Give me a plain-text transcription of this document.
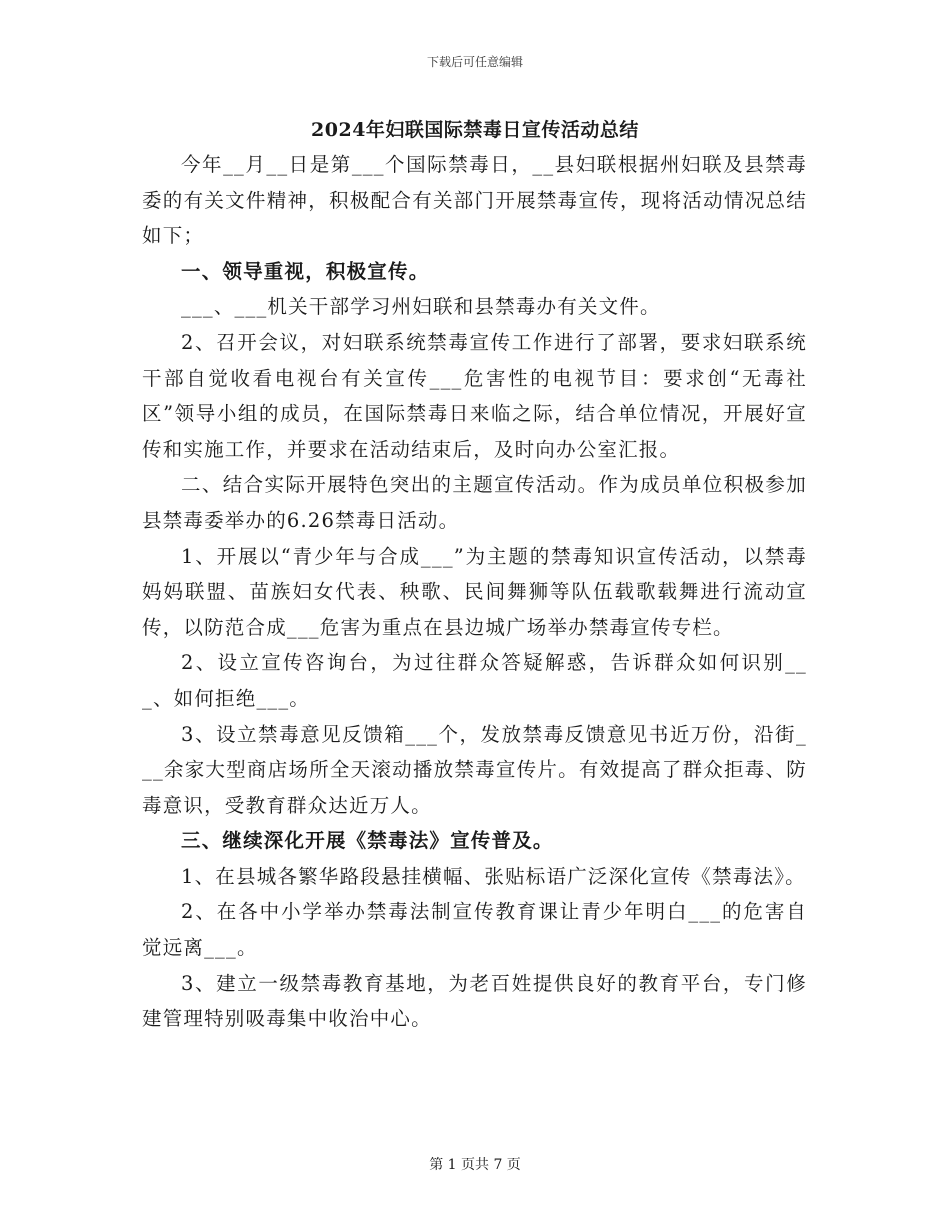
下载后可任意编辑
2024年妇联国际禁毒日宣传活动总结

今年__月__日是第___个国际禁毒日，__县妇联根据州妇联及县禁毒委的有关文件精神，积极配合有关部门开展禁毒宣传，现将活动情况总结如下；

一、领导重视，积极宣传。

___、___机关干部学习州妇联和县禁毒办有关文件。

2、召开会议，对妇联系统禁毒宣传工作进行了部署，要求妇联系统干部自觉收看电视台有关宣传___危害性的电视节目：要求创“无毒社区”领导小组的成员，在国际禁毒日来临之际，结合单位情况，开展好宣传和实施工作，并要求在活动结束后，及时向办公室汇报。

二、结合实际开展特色突出的主题宣传活动。作为成员单位积极参加县禁毒委举办的6.26禁毒日活动。

1、开展以“青少年与合成___”为主题的禁毒知识宣传活动，以禁毒妈妈联盟、苗族妇女代表、秧歌、民间舞狮等队伍载歌载舞进行流动宣传，以防范合成___危害为重点在县边城广场举办禁毒宣传专栏。

2、设立宣传咨询台，为过往群众答疑解惑，告诉群众如何识别___、如何拒绝___。

3、设立禁毒意见反馈箱___个，发放禁毒反馈意见书近万份，沿街___余家大型商店场所全天滚动播放禁毒宣传片。有效提高了群众拒毒、防毒意识，受教育群众达近万人。

三、继续深化开展《禁毒法》宣传普及。

1、在县城各繁华路段悬挂横幅、张贴标语广泛深化宣传《禁毒法》。

2、在各中小学举办禁毒法制宣传教育课让青少年明白___的危害自觉远离___。

3、建立一级禁毒教育基地，为老百姓提供良好的教育平台，专门修建管理特别吸毒集中收治中心。

第 1 页共 7 页
